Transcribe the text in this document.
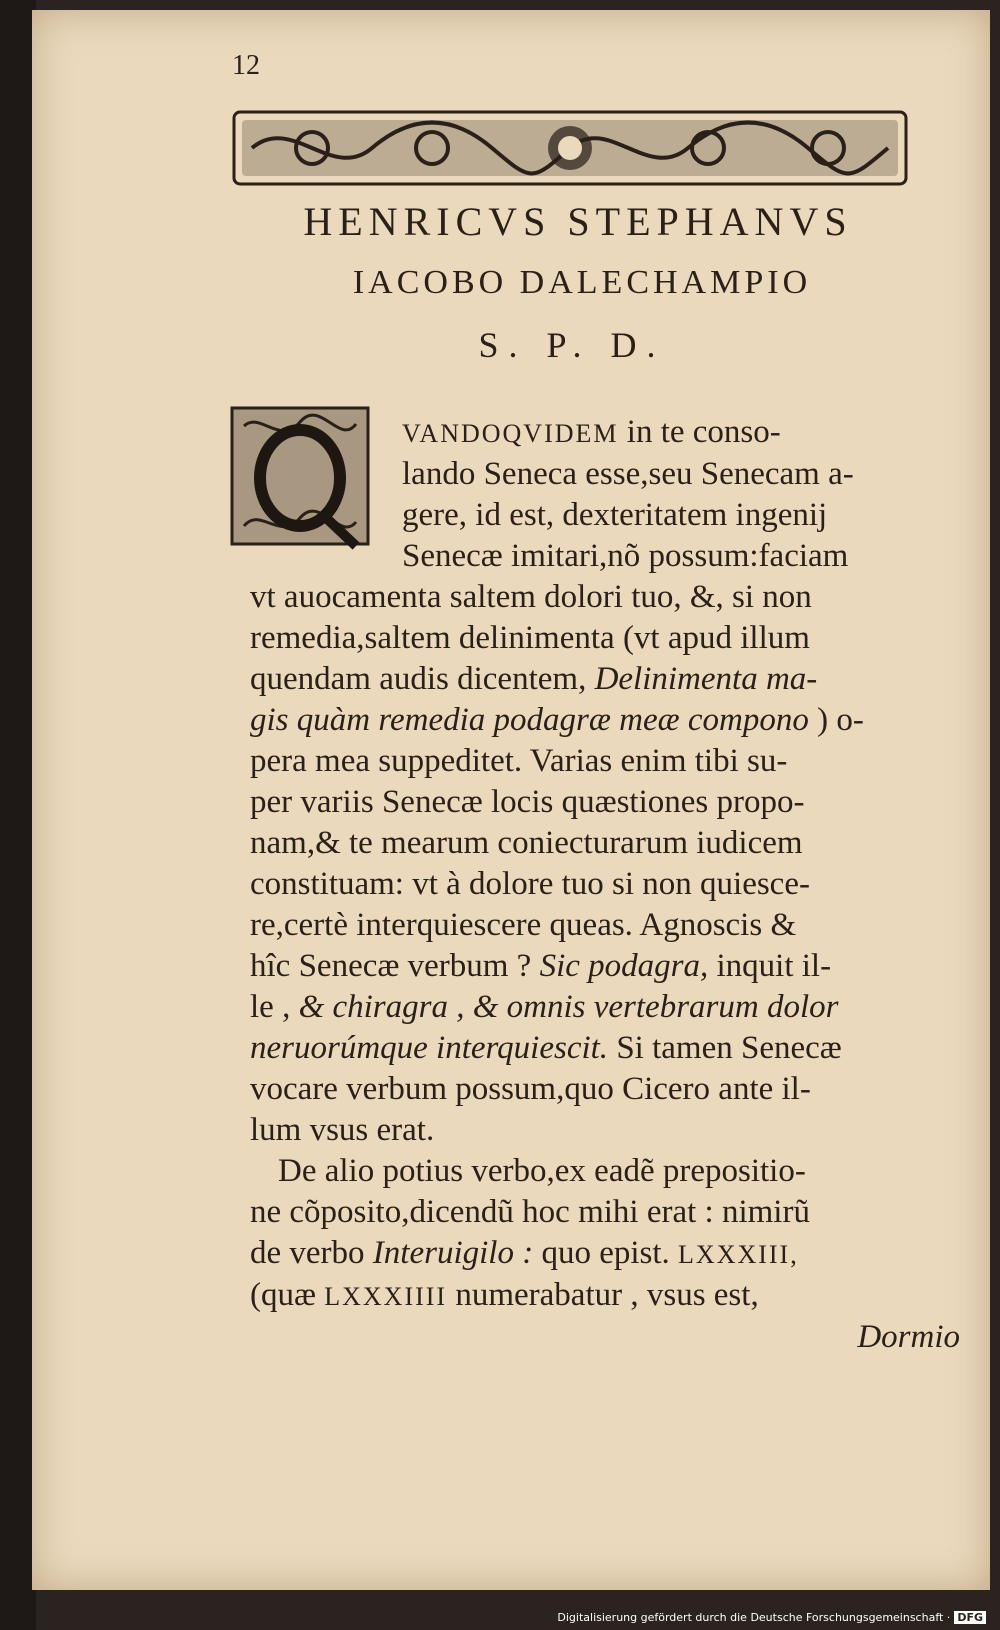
12
HENRICVS STEPHANVS
IACOBO DALECHAMPIO
S. P. D.
VANDOQVIDEM in te conso-
lando Seneca esse,seu Senecam a-
gere, id est, dexteritatem ingenij
Senecæ imitari,nõ possum:faciam
vt auocamenta saltem dolori tuo, &, si non
remedia,saltem delinimenta (vt apud illum
quendam audis dicentem, Delinimenta ma-
gis quàm remedia podagræ meæ compono ) o-
pera mea suppeditet. Varias enim tibi su-
per variis Senecæ locis quæstiones propo-
nam,& te mearum coniecturarum iudicem
constituam: vt à dolore tuo si non quiesce-
re,certè interquiescere queas. Agnoscis &
hîc Senecæ verbum ? Sic podagra, inquit il-
le , & chiragra , & omnis vertebrarum dolor
neruorúmque interquiescit. Si tamen Senecæ
vocare verbum possum,quo Cicero ante il-
lum vsus erat.
De alio potius verbo,ex eadẽ prepositio-
ne cõposito,dicendũ hoc mihi erat : nimirũ
de verbo Interuigilo : quo epist. LXXXIII,
(quæ LXXXIIII numerabatur , vsus est,
Dormio
Digitalisierung gefördert durch die Deutsche Forschungsgemeinschaft · DFG
